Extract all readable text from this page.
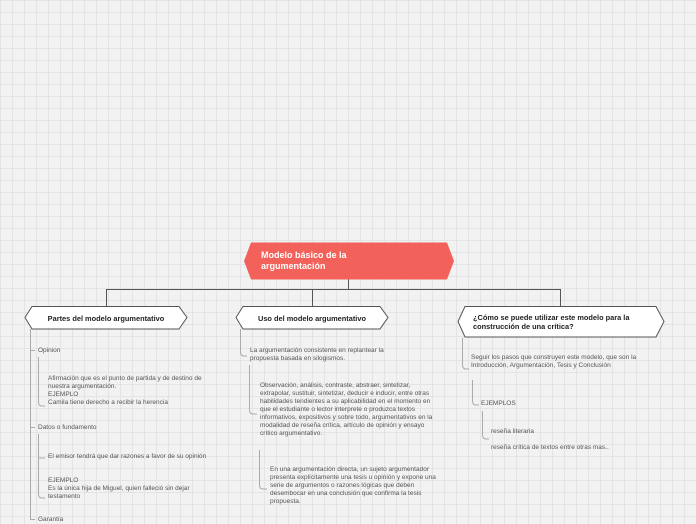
Modelo básico de la argumentación
Partes del modelo argumentativo	Uso del modelo argumentativo	¿Cómo se puede utilizar este modelo para la construcción de una crítica?
Opinion
Afirmación que es el punto de partida y de destino de nuestra argumentación.
EJEMPLO
Camila tiene derecho a recibir la herencia
Datos o fundamento
El emisor tendrá que dar razones a favor de su opinión
EJEMPLO
Es la única hija de Miguel, quien falleció sin dejar testamento
Garantía
La argumentación consistente en replantear la propuesta basada en silogismos.
Observación, análisis, contraste, abstraer, sintetizar, extrapolar, sustituir, sintetizar, deducir e inducir, entre otras habilidades tendientes a su aplicabilidad en el momento en que el estudiante o lector interprete o produzca textos informativos, expositivos y sobre todo, argumentativos en la modalidad de reseña crítica, artículo de opinión y ensayo crítico argumentativo.
En una argumentación directa, un sujeto argumentador presenta explícitamente una tesis u opinión y expone una serie de argumentos o razones lógicas que deben desembocar en una conclusión que confirma la tesis propuesta.
Seguir los pasos que construyen este modelo, que son la Introducción, Argumentación, Tesis y Conclusión
EJEMPLOS
reseña literaria
reseña crítica de textos entre otras mas..
